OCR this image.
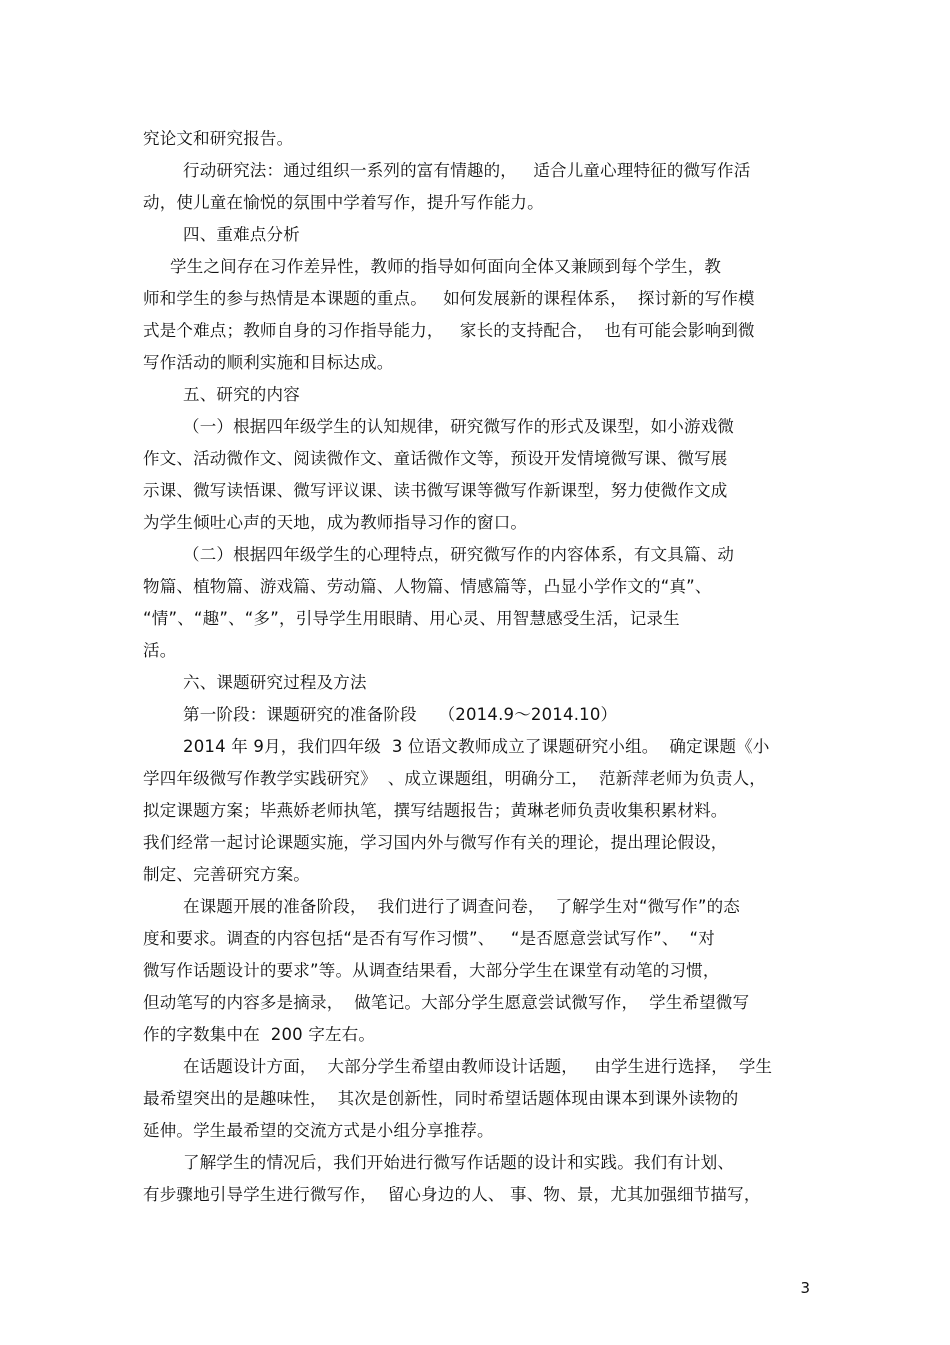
究论文和研究报告。
行动研究法：通过组织一系列的富有情趣的，   适合儿童心理特征的微写作活
动，使儿童在愉悦的氛围中学着写作，提升写作能力。
四、重难点分析
学生之间存在习作差异性，教师的指导如何面向全体又兼顾到每个学生，教
师和学生的参与热情是本课题的重点。   如何发展新的课程体系，  探讨新的写作模
式是个难点；教师自身的习作指导能力，   家长的支持配合，  也有可能会影响到微
写作活动的顺利实施和目标达成。
五、研究的内容
（一）根据四年级学生的认知规律，研究微写作的形式及课型，如小游戏微
作文、活动微作文、阅读微作文、童话微作文等，预设开发情境微写课、微写展
示课、微写读悟课、微写评议课、读书微写课等微写作新课型，努力使微作文成
为学生倾吐心声的天地，成为教师指导习作的窗口。
（二）根据四年级学生的心理特点，研究微写作的内容体系，有文具篇、动
物篇、植物篇、游戏篇、劳动篇、人物篇、情感篇等，凸显小学作文的“真”、
“情”、“趣”、“多”，引导学生用眼睛、用心灵、用智慧感受生活，记录生
活。
六、课题研究过程及方法
第一阶段：课题研究的准备阶段    （2014.9～2014.10）
2014 年 9月，我们四年级  3 位语文教师成立了课题研究小组。  确定课题《小
学四年级微写作教学实践研究》  、成立课题组，明确分工，  范新萍老师为负责人，
拟定课题方案；毕燕娇老师执笔，撰写结题报告；黄琳老师负责收集积累材料。
我们经常一起讨论课题实施，学习国内外与微写作有关的理论，提出理论假设，
制定、完善研究方案。
在课题开展的准备阶段，  我们进行了调查问卷，  了解学生对“微写作”的态
度和要求。调查的内容包括“是否有写作习惯”、   “是否愿意尝试写作”、  “对
微写作话题设计的要求”等。从调查结果看，大部分学生在课堂有动笔的习惯，
但动笔写的内容多是摘录，  做笔记。大部分学生愿意尝试微写作，  学生希望微写
作的字数集中在  200 字左右。
在话题设计方面，  大部分学生希望由教师设计话题，   由学生进行选择，  学生
最希望突出的是趣味性，  其次是创新性，同时希望话题体现由课本到课外读物的
延伸。学生最希望的交流方式是小组分享推荐。
了解学生的情况后，我们开始进行微写作话题的设计和实践。我们有计划、
有步骤地引导学生进行微写作，  留心身边的人、 事、物、景，尤其加强细节描写，
3
